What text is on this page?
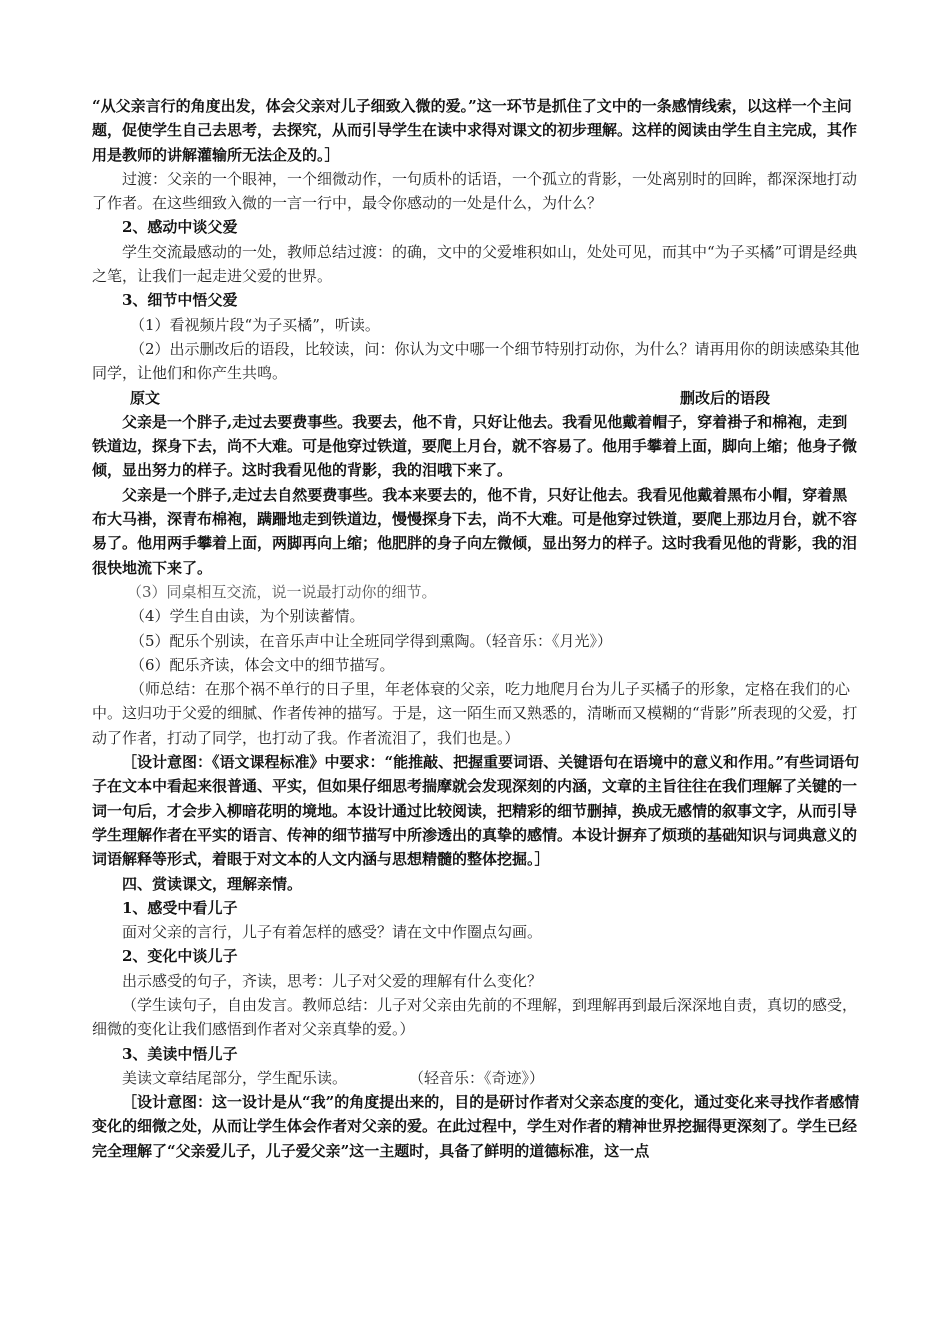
“从父亲言行的角度出发，体会父亲对儿子细致入微的爱。”这一环节是抓住了文中的一条感情线索，以这样一个主问题，促使学生自己去思考，去探究，从而引导学生在读中求得对课文的初步理解。这样的阅读由学生自主完成，其作用是教师的讲解灌输所无法企及的。］

过渡：父亲的一个眼神，一个细微动作，一句质朴的话语，一个孤立的背影，一处离别时的回眸，都深深地打动了作者。在这些细致入微的一言一行中，最令你感动的一处是什么，为什么？

2、感动中谈父爱

学生交流最感动的一处，教师总结过渡：的确，文中的父爱堆积如山，处处可见，而其中“为子买橘”可谓是经典之笔，让我们一起走进父爱的世界。

3、细节中悟父爱

（1）看视频片段“为子买橘”，听读。

（2）出示删改后的语段，比较读，问：你认为文中哪一个细节特别打动你，为什么？请再用你的朗读感染其他同学，让他们和你产生共鸣。

原文	删改后的语段

父亲是一个胖子,走过去要费事些。我要去，他不肯，只好让他去。我看见他戴着帽子，穿着褂子和棉袍，走到铁道边，探身下去，尚不大难。可是他穿过铁道，要爬上月台，就不容易了。他用手攀着上面，脚向上缩；他身子微倾，显出努力的样子。这时我看见他的背影，我的泪哦下来了。

父亲是一个胖子,走过去自然要费事些。我本来要去的，他不肯，只好让他去。我看见他戴着黑布小帽，穿着黑布大马褂，深青布棉袍，蹒跚地走到铁道边，慢慢探身下去，尚不大难。可是他穿过铁道，要爬上那边月台，就不容易了。他用两手攀着上面，两脚再向上缩；他肥胖的身子向左微倾，显出努力的样子。这时我看见他的背影，我的泪很快地流下来了。

（3）同桌相互交流，说一说最打动你的细节。

（4）学生自由读，为个别读蓄情。

（5）配乐个别读，在音乐声中让全班同学得到熏陶。（轻音乐：《月光》）

（6）配乐齐读，体会文中的细节描写。

（师总结：在那个祸不单行的日子里，年老体衰的父亲，吃力地爬月台为儿子买橘子的形象，定格在我们的心中。这归功于父爱的细腻、作者传神的描写。于是，这一陌生而又熟悉的，清晰而又模糊的“背影”所表现的父爱，打动了作者，打动了同学，也打动了我。作者流泪了，我们也是。）

［设计意图：《语文课程标准》中要求：“能推敲、把握重要词语、关键语句在语境中的意义和作用。”有些词语句子在文本中看起来很普通、平实，但如果仔细思考揣摩就会发现深刻的内涵，文章的主旨往往在我们理解了关键的一词一句后，才会步入柳暗花明的境地。本设计通过比较阅读，把精彩的细节删掉，换成无感情的叙事文字，从而引导学生理解作者在平实的语言、传神的细节描写中所渗透出的真挚的感情。本设计摒弃了烦琐的基础知识与词典意义的词语解释等形式，着眼于对文本的人文内涵与思想精髓的整体挖掘。］

四、赏读课文，理解亲情。

1、感受中看儿子

面对父亲的言行，儿子有着怎样的感受？请在文中作圈点勾画。

2、变化中谈儿子

出示感受的句子，齐读，思考：儿子对父爱的理解有什么变化？

（学生读句子，自由发言。教师总结：儿子对父亲由先前的不理解，到理解再到最后深深地自责，真切的感受，细微的变化让我们感悟到作者对父亲真挚的爱。）

3、美读中悟儿子

美读文章结尾部分，学生配乐读。	（轻音乐：《奇迹》）

［设计意图：这一设计是从“我”的角度提出来的，目的是研讨作者对父亲态度的变化，通过变化来寻找作者感情变化的细微之处，从而让学生体会作者对父亲的爱。在此过程中，学生对作者的精神世界挖掘得更深刻了。学生已经完全理解了“父亲爱儿子，儿子爱父亲”这一主题时，具备了鲜明的道德标准，这一点
